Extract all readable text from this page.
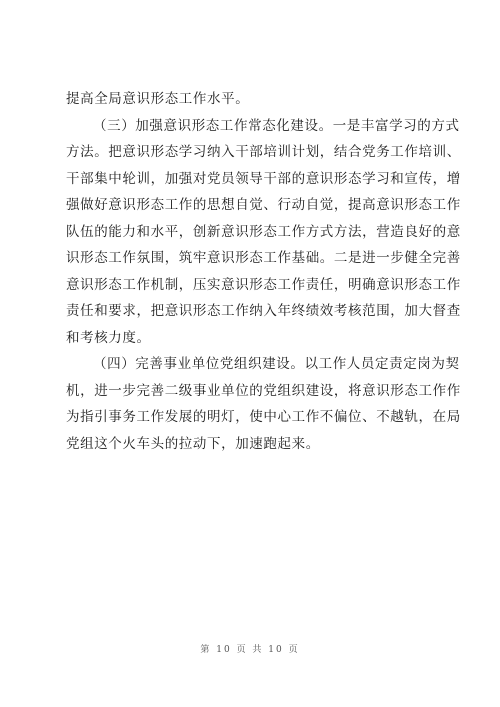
提高全局意识形态工作水平。
（三）加强意识形态工作常态化建设。一是丰富学习的方式
方法。把意识形态学习纳入干部培训计划，结合党务工作培训、
干部集中轮训，加强对党员领导干部的意识形态学习和宣传，增
强做好意识形态工作的思想自觉、行动自觉，提高意识形态工作
队伍的能力和水平，创新意识形态工作方式方法，营造良好的意
识形态工作氛围，筑牢意识形态工作基础。二是进一步健全完善
意识形态工作机制，压实意识形态工作责任，明确意识形态工作
责任和要求，把意识形态工作纳入年终绩效考核范围，加大督查
和考核力度。
（四）完善事业单位党组织建设。以工作人员定责定岗为契
机，进一步完善二级事业单位的党组织建设，将意识形态工作作
为指引事务工作发展的明灯，使中心工作不偏位、不越轨，在局
党组这个火车头的拉动下，加速跑起来。
第 10 页 共 10 页
